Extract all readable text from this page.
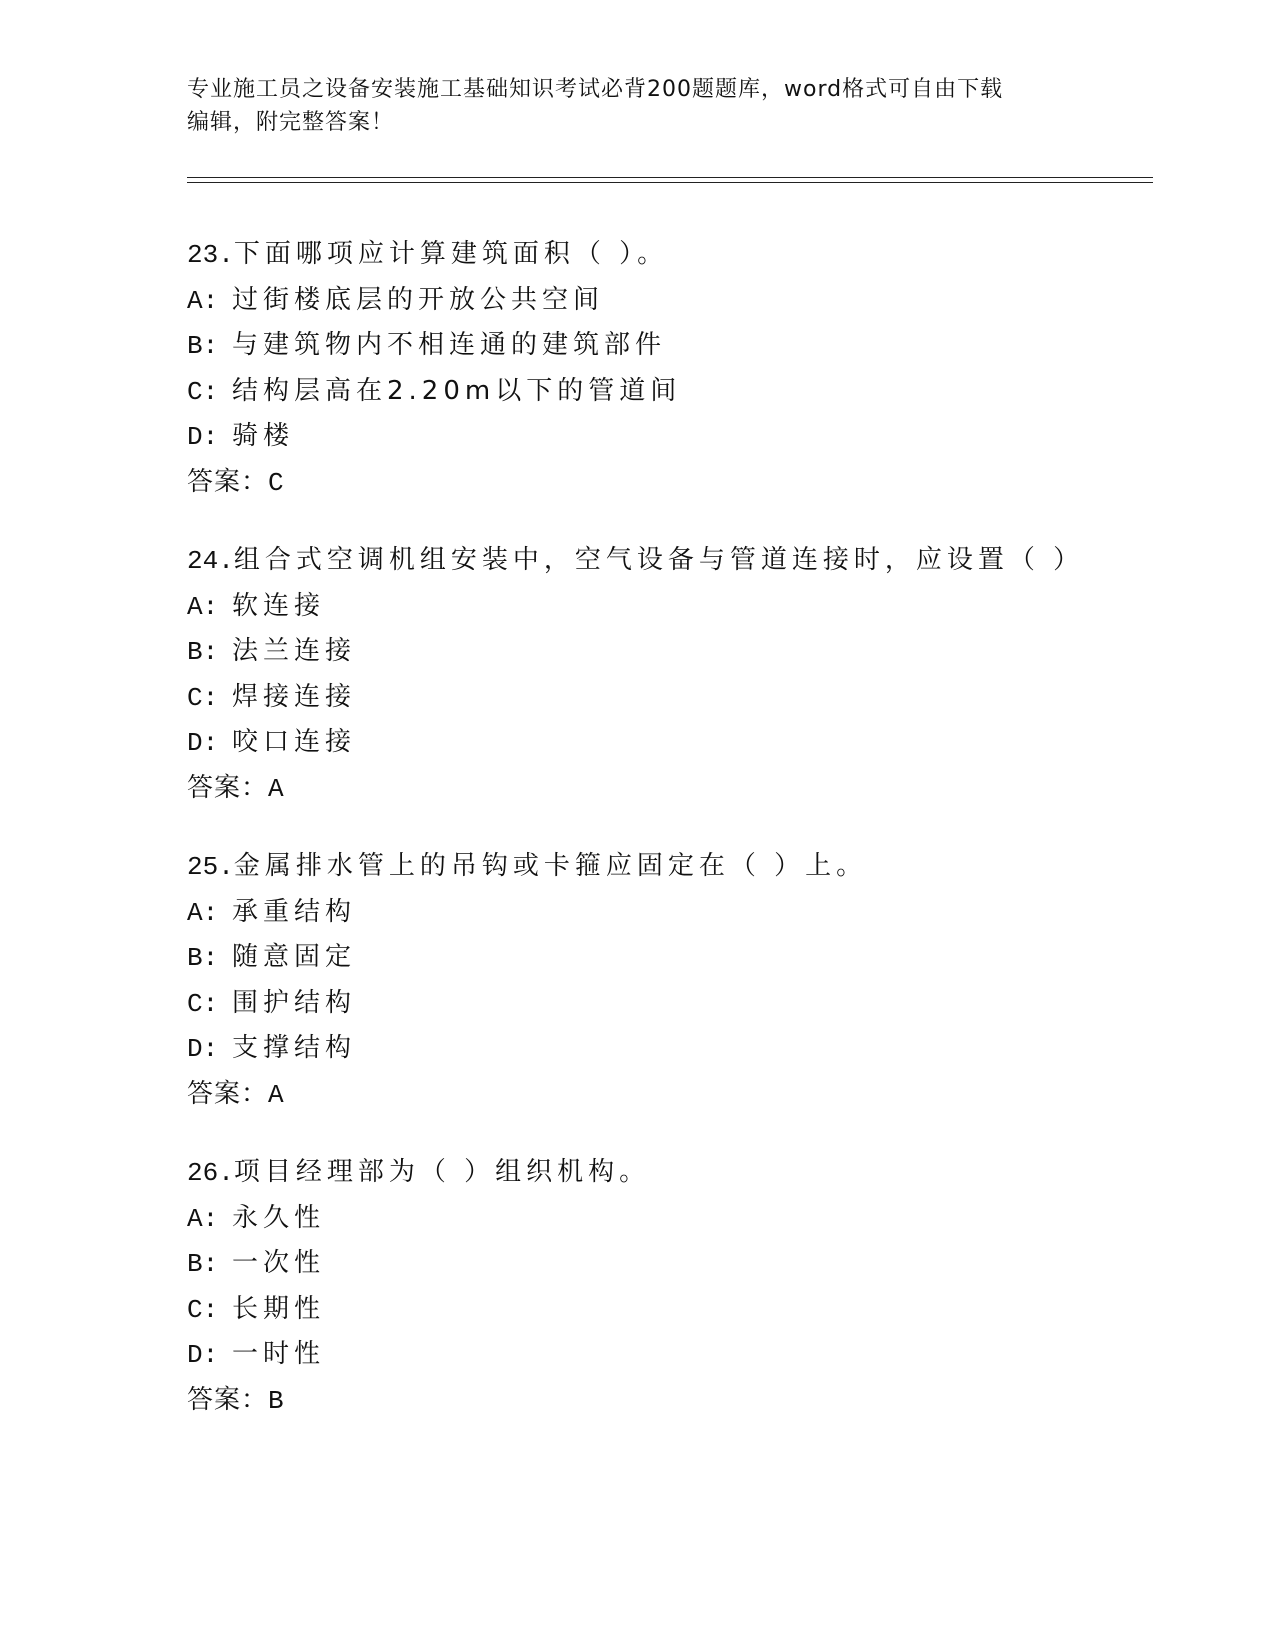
专业施工员之设备安装施工基础知识考试必背200题题库，word格式可自由下载
编辑，附完整答案！
23.下面哪项应计算建筑面积（ ）。
A: 过街楼底层的开放公共空间
B: 与建筑物内不相连通的建筑部件
C: 结构层高在2.20m以下的管道间
D: 骑楼
答案：C
24.组合式空调机组安装中，空气设备与管道连接时，应设置（ ）
A: 软连接
B: 法兰连接
C: 焊接连接
D: 咬口连接
答案：A
25.金属排水管上的吊钩或卡箍应固定在（ ）上。
A: 承重结构
B: 随意固定
C: 围护结构
D: 支撑结构
答案：A
26.项目经理部为（ ）组织机构。
A: 永久性
B: 一次性
C: 长期性
D: 一时性
答案：B
